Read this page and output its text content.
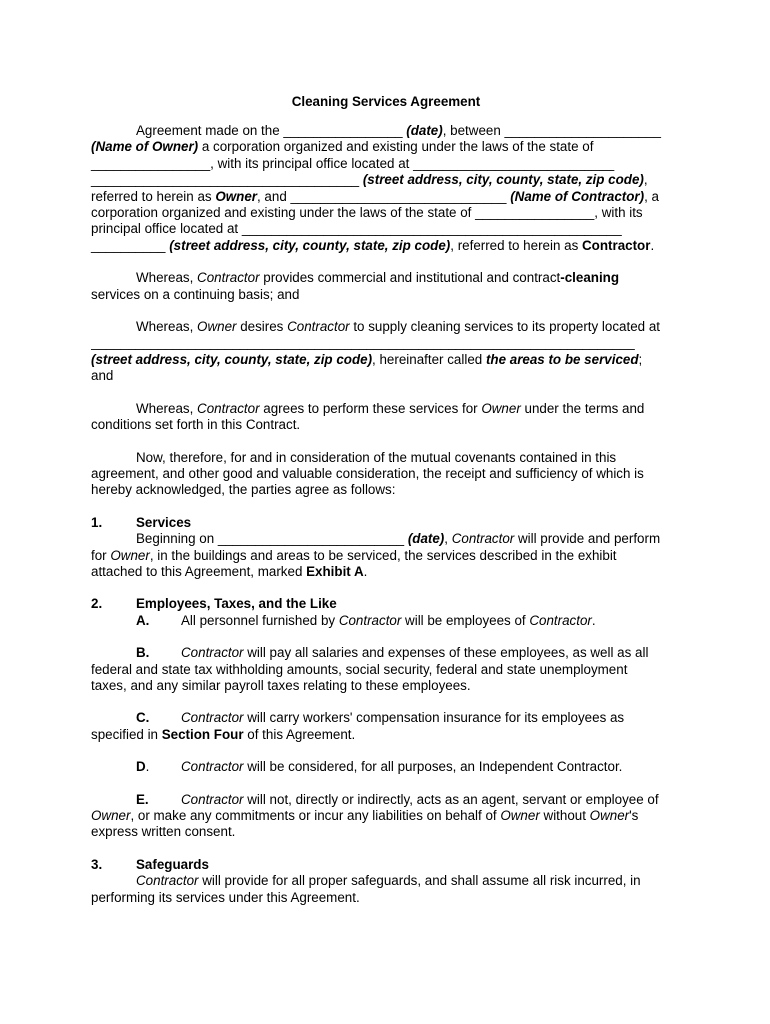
Cleaning Services Agreement

Agreement made on the ________________ (date), between _____________________
(Name of Owner) a corporation organized and existing under the laws of the state of
________________, with its principal office located at ___________________________
____________________________________ (street address, city, county, state, zip code),
referred to herein as Owner, and _____________________________ (Name of Contractor), a
corporation organized and existing under the laws of the state of ________________, with its
principal office located at ___________________________________________________
__________ (street address, city, county, state, zip code), referred to herein as Contractor.

Whereas, Contractor provides commercial and institutional and contract-cleaning
services on a continuing basis; and

Whereas, Owner desires Contractor to supply cleaning services to its property located at
_________________________________________________________________________
(street address, city, county, state, zip code), hereinafter called the areas to be serviced;
and

Whereas, Contractor agrees to perform these services for Owner under the terms and
conditions set forth in this Contract.

Now, therefore, for and in consideration of the mutual covenants contained in this
agreement, and other good and valuable consideration, the receipt and sufficiency of which is
hereby acknowledged, the parties agree as follows:

1.	Services
Beginning on _________________________ (date), Contractor will provide and perform
for Owner, in the buildings and areas to be serviced, the services described in the exhibit
attached to this Agreement, marked Exhibit A.
2.	Employees, Taxes, and the Like
A. All personnel furnished by Contractor will be employees of Contractor.

B. Contractor will pay all salaries and expenses of these employees, as well as all
federal and state tax withholding amounts, social security, federal and state unemployment
taxes, and any similar payroll taxes relating to these employees.

C. Contractor will carry workers' compensation insurance for its employees as
specified in Section Four of this Agreement.

D. Contractor will be considered, for all purposes, an Independent Contractor.

E. Contractor will not, directly or indirectly, acts as an agent, servant or employee of
Owner, or make any commitments or incur any liabilities on behalf of Owner without Owner's
express written consent.

3.	Safeguards
Contractor will provide for all proper safeguards, and shall assume all risk incurred, in
performing its services under this Agreement.
